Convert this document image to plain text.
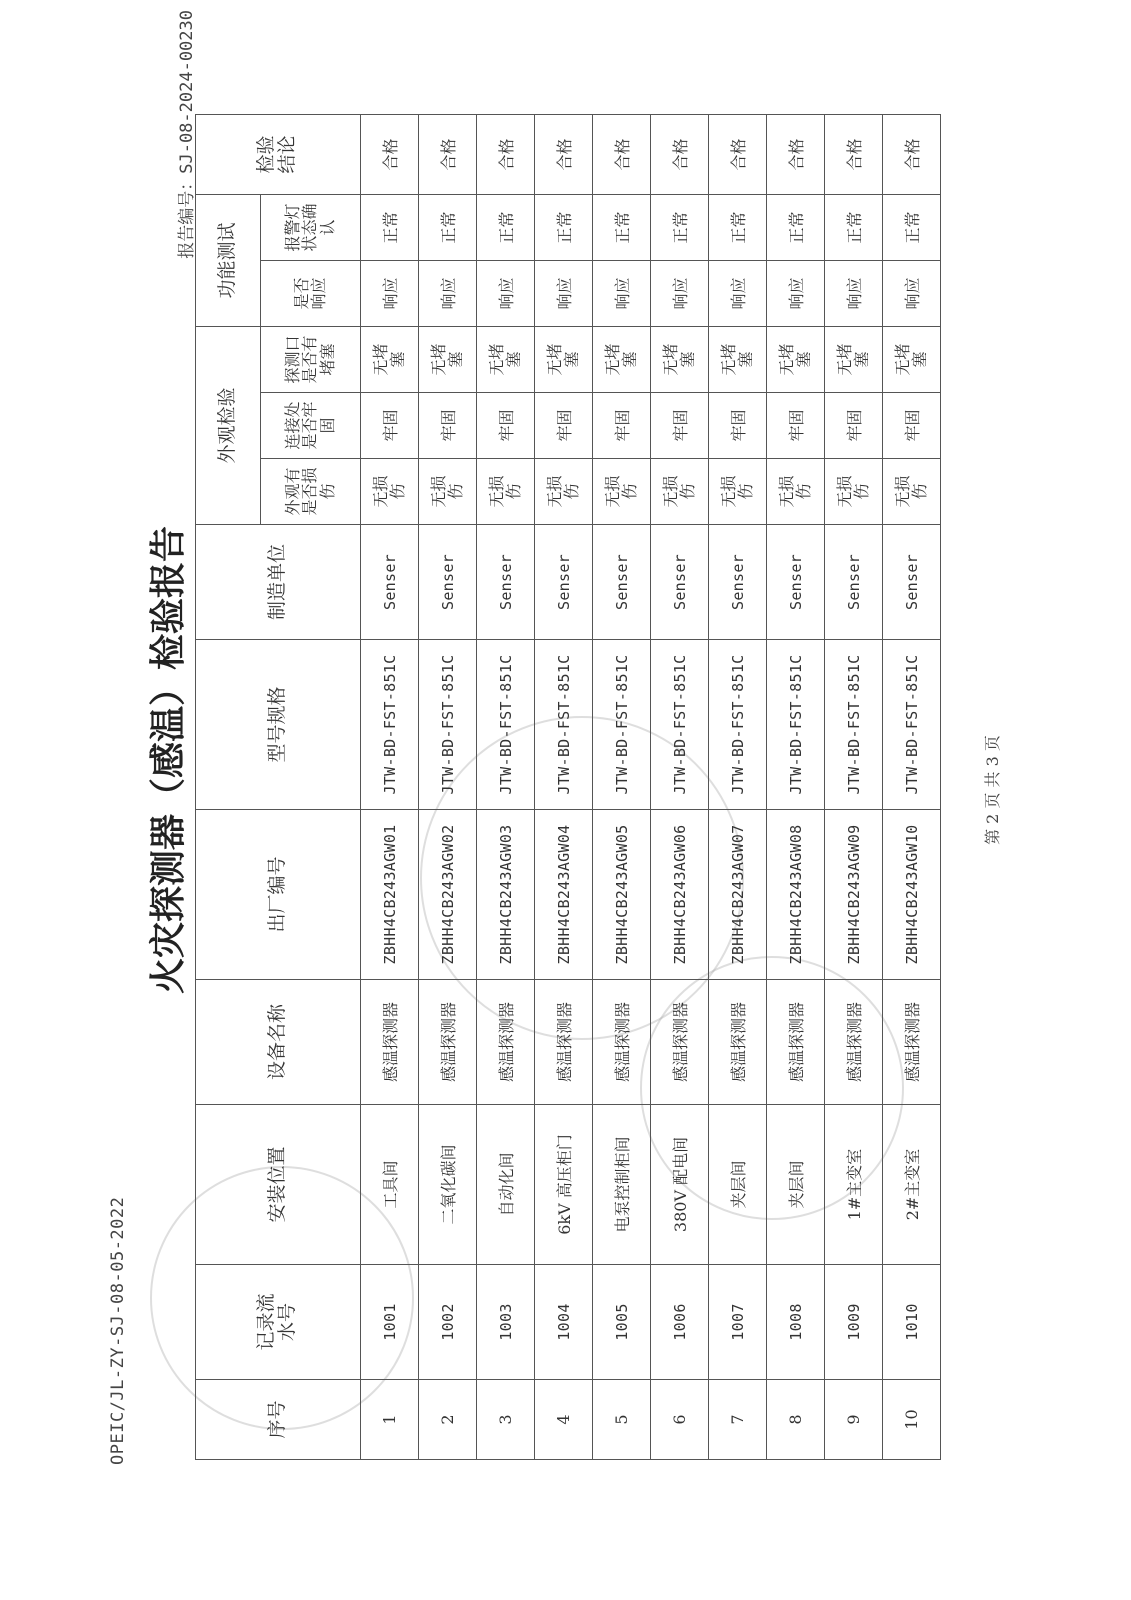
OPEIC/JL-ZY-SJ-08-05-2022
火灾探测器（感温）检验报告
报告编号：SJ-08-2024-00230
序号	记录流水号	安装位置	设备名称	出厂编号	型号规格	制造单位	外观检验			功能测试		检验结论
							外观有是否损伤	连接处是否牢固	探测口是否有堵塞	是否响应	报警灯状态确认	
1	1001	工具间	感温探测器	ZBHH4CB243AGW01	JTW-BD-FST-851C	Senser	无损伤	牢固	无堵塞	响应	正常	合格
2	1002	二氧化碳间	感温探测器	ZBHH4CB243AGW02	JTW-BD-FST-851C	Senser	无损伤	牢固	无堵塞	响应	正常	合格
3	1003	自动化间	感温探测器	ZBHH4CB243AGW03	JTW-BD-FST-851C	Senser	无损伤	牢固	无堵塞	响应	正常	合格
4	1004	6kV 高压柜门	感温探测器	ZBHH4CB243AGW04	JTW-BD-FST-851C	Senser	无损伤	牢固	无堵塞	响应	正常	合格
5	1005	电泵控制柜间	感温探测器	ZBHH4CB243AGW05	JTW-BD-FST-851C	Senser	无损伤	牢固	无堵塞	响应	正常	合格
6	1006	380V 配电间	感温探测器	ZBHH4CB243AGW06	JTW-BD-FST-851C	Senser	无损伤	牢固	无堵塞	响应	正常	合格
7	1007	夹层间	感温探测器	ZBHH4CB243AGW07	JTW-BD-FST-851C	Senser	无损伤	牢固	无堵塞	响应	正常	合格
8	1008	夹层间	感温探测器	ZBHH4CB243AGW08	JTW-BD-FST-851C	Senser	无损伤	牢固	无堵塞	响应	正常	合格
9	1009	1#主变室	感温探测器	ZBHH4CB243AGW09	JTW-BD-FST-851C	Senser	无损伤	牢固	无堵塞	响应	正常	合格
10	1010	2#主变室	感温探测器	ZBHH4CB243AGW10	JTW-BD-FST-851C	Senser	无损伤	牢固	无堵塞	响应	正常	合格
第 2 页 共 3 页
